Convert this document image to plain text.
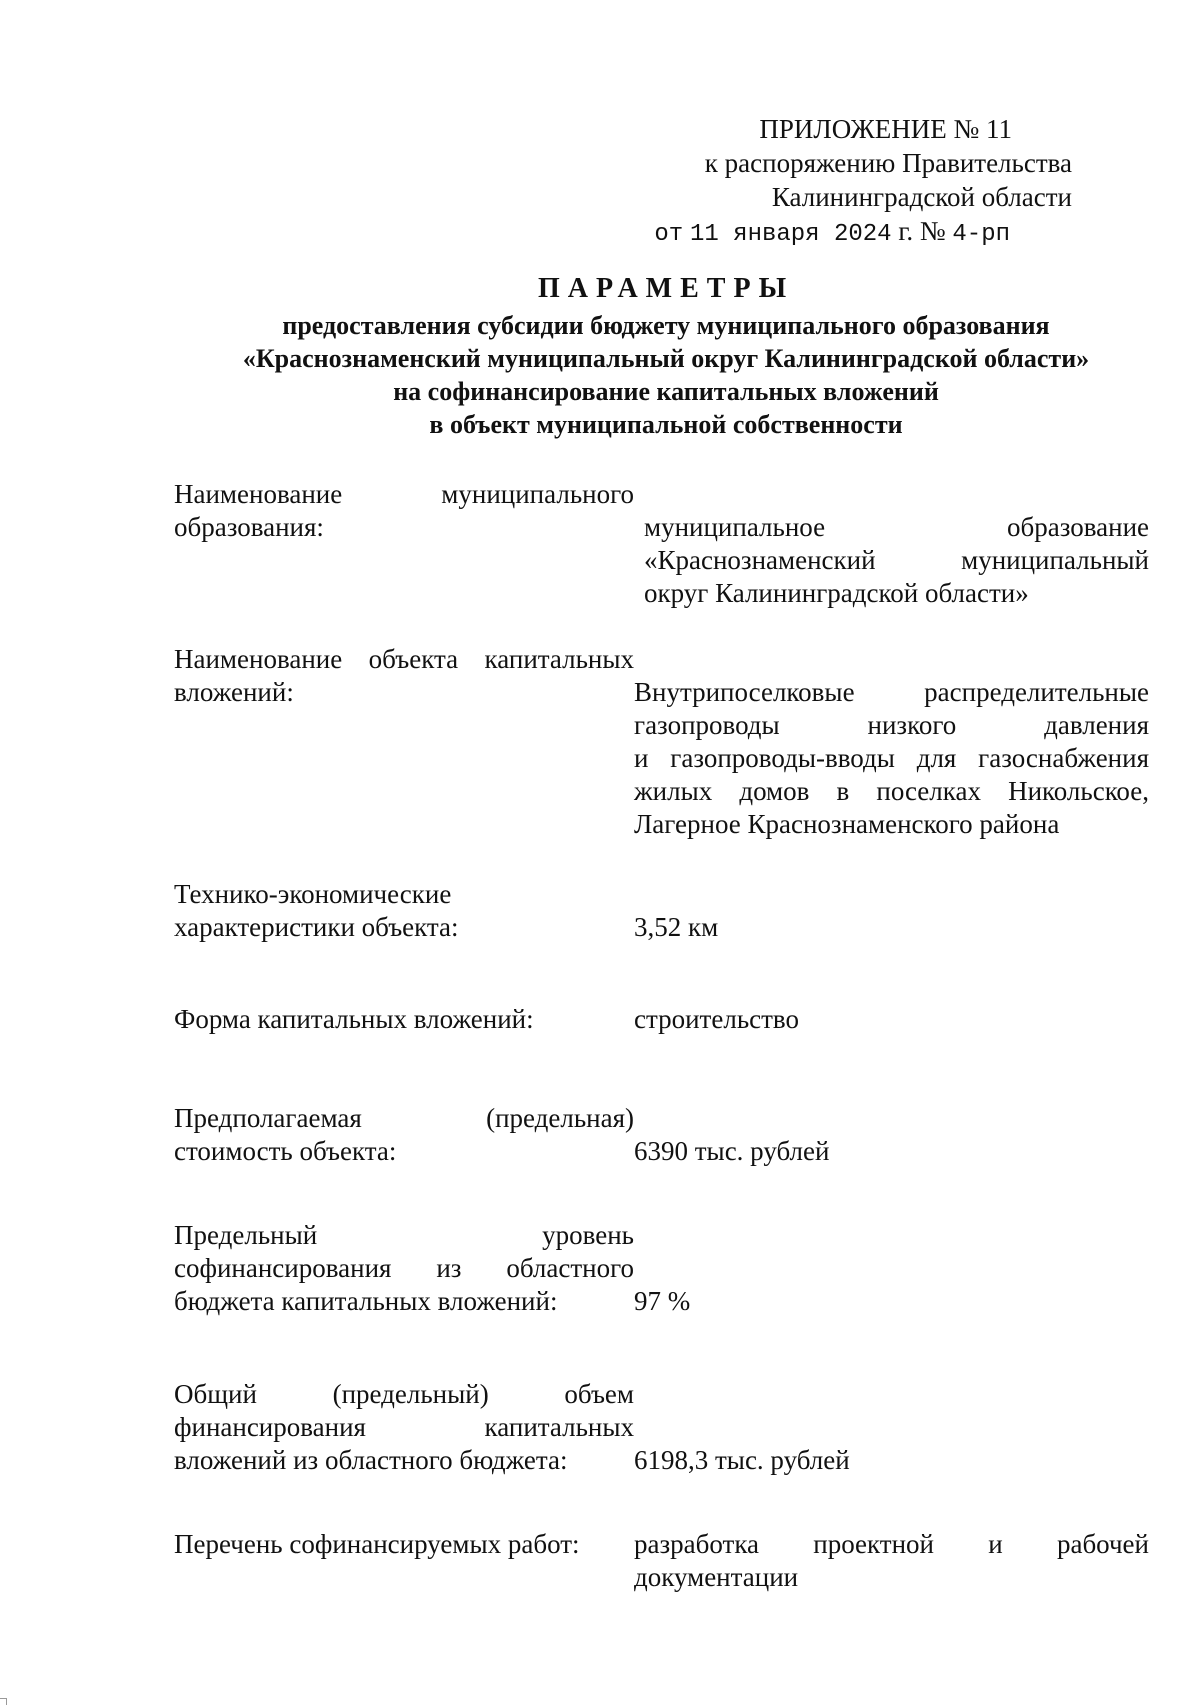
ПРИЛОЖЕНИЕ № 11
к распоряжению Правительства
Калининградской области
от 11 января 2024 г. № 4-рп
ПАРАМЕТРЫ
предоставления субсидии бюджету муниципального образования
«Краснознаменский муниципальный округ Калининградской области»
на софинансирование капитальных вложений
в объект муниципальной собственности
Наименование муниципального
образования:	муниципальное образование
«Краснознаменский муниципальный
округ Калининградской области»
Наименование объекта капитальных
вложений:	Внутрипоселковые распределительные
газопроводы низкого давления
и газопроводы-вводы для газоснабжения
жилых домов в поселках Никольское,
Лагерное Краснознаменского района
Технико-экономические
характеристики объекта:	3,52 км
Форма капитальных вложений:	строительство
Предполагаемая (предельная)
стоимость объекта:	6390 тыс. рублей
Предельный уровень
софинансирования из областного
бюджета капитальных вложений:	97 %
Общий (предельный) объем
финансирования капитальных
вложений из областного бюджета:	6198,3 тыс. рублей
Перечень софинансируемых работ:	разработка проектной и рабочей
документации
